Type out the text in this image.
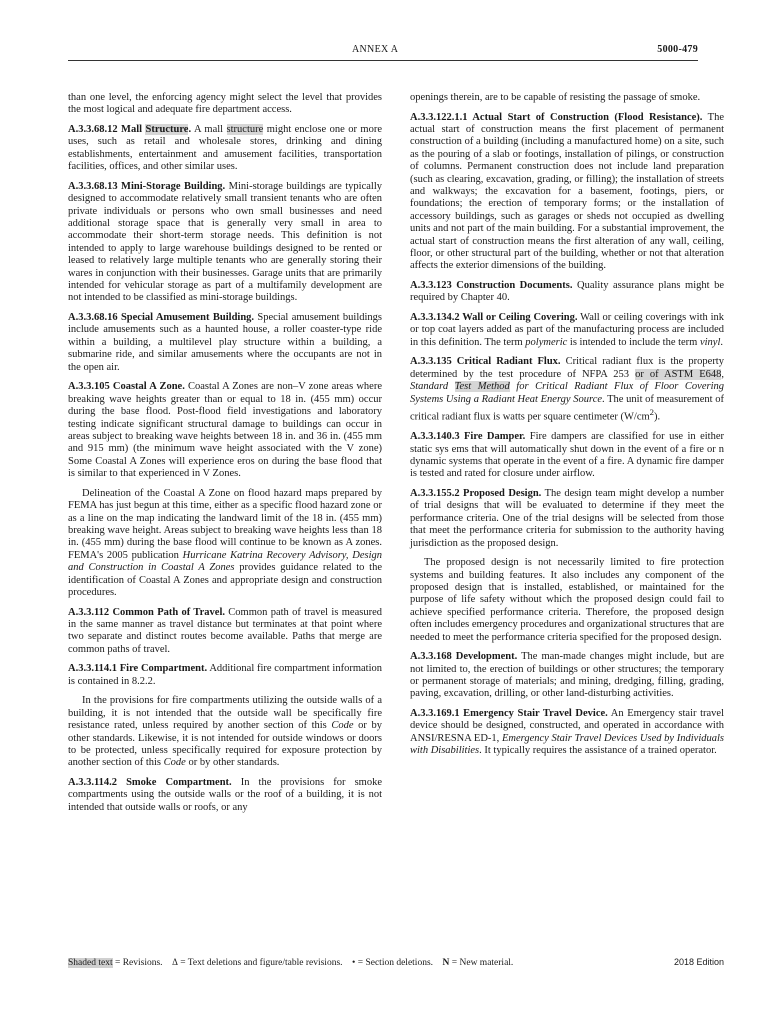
ANNEX A	5000-479

than one level, the enforcing agency might select the level that provides the most logical and adequate fire department access.

A.3.3.68.12 Mall Structure. A mall structure might enclose one or more uses, such as retail and wholesale stores, drinking and dining establishments, entertainment and amusement facilities, transportation facilities, offices, and other similar uses.

A.3.3.68.13 Mini-Storage Building. Mini-storage buildings are typically designed to accommodate relatively small transient tenants who are often private individuals or persons who own small businesses and need additional storage space that is generally very small in area to accommodate their short-term storage needs. This definition is not intended to apply to large warehouse buildings designed to be rented or leased to relatively large multiple tenants who are generally storing their wares in conjunction with their businesses. Garage units that are primarily intended for vehicular storage as part of a multifamily development are not intended to be classified as mini-storage buildings.

A.3.3.68.16 Special Amusement Building. Special amusement buildings include amusements such as a haunted house, a roller coaster-type ride within a building, a multilevel play structure within a building, a submarine ride, and similar amusements where the occupants are not in the open air.

A.3.3.105 Coastal A Zone. Coastal A Zones are non–V zone areas where breaking wave heights greater than or equal to 18 in. (455 mm) occur during the base flood. Post-flood field investigations and laboratory testing indicate significant structural damage to buildings can occur in areas subject to breaking wave heights between 18 in. and 36 in. (455 mm and 915 mm) (the minimum wave height associated with the V zone) Some Coastal A Zones will experience eros on during the base flood that is similar to that experienced in V Zones.

Delineation of the Coastal A Zone on flood hazard maps prepared by FEMA has just begun at this time, either as a specific flood hazard zone or as a line on the map indicating the landward limit of the 18 in. (455 mm) breaking wave height. Areas subject to breaking wave heights less than 18 in. (455 mm) during the base flood will continue to be known as A zones. FEMA's 2005 publication Hurricane Katrina Recovery Advisory, Design and Construction in Coastal A Zones provides guidance related to the identification of Coastal A Zones and appropriate design and construction procedures.

A.3.3.112 Common Path of Travel. Common path of travel is measured in the same manner as travel distance but terminates at that point where two separate and distinct routes become available. Paths that merge are common paths of travel.

A.3.3.114.1 Fire Compartment. Additional fire compartment information is contained in 8.2.2.

In the provisions for fire compartments utilizing the outside walls of a building, it is not intended that the outside wall be specifically fire resistance rated, unless required by another section of this Code or by other standards. Likewise, it is not intended for outside windows or doors to be protected, unless specifically required for exposure protection by another section of this Code or by other standards.

A.3.3.114.2 Smoke Compartment. In the provisions for smoke compartments using the outside walls or the roof of a building, it is not intended that outside walls or roofs, or any

openings therein, are to be capable of resisting the passage of smoke.

A.3.3.122.1.1 Actual Start of Construction (Flood Resistance). The actual start of construction means the first placement of permanent construction of a building (including a manufactured home) on a site, such as the pouring of a slab or footings, installation of pilings, or construction of columns. Permanent construction does not include land preparation (such as clearing, excavation, grading, or filling); the installation of streets and walkways; the excavation for a basement, footings, piers, or foundations; the erection of temporary forms; or the installation of accessory buildings, such as garages or sheds not occupied as dwelling units and not part of the main building. For a substantial improvement, the actual start of construction means the first alteration of any wall, ceiling, floor, or other structural part of the building, whether or not that alteration affects the exterior dimensions of the building.

A.3.3.123 Construction Documents. Quality assurance plans might be required by Chapter 40.

A.3.3.134.2 Wall or Ceiling Covering. Wall or ceiling coverings with ink or top coat layers added as part of the manufacturing process are included in this definition. The term polymeric is intended to include the term vinyl.

A.3.3.135 Critical Radiant Flux. Critical radiant flux is the property determined by the test procedure of NFPA 253 or of ASTM E648, Standard Test Method for Critical Radiant Flux of Floor Covering Systems Using a Radiant Heat Energy Source. The unit of measurement of critical radiant flux is watts per square centimeter $(W/cm^2)$.

A.3.3.140.3 Fire Damper. Fire dampers are classified for use in either static sys ems that will automatically shut down in the event of a fire or n dynamic systems that operate in the event of a fire. A dynamic fire damper is tested and rated for closure under airflow.

A.3.3.155.2 Proposed Design. The design team might develop a number of trial designs that will be evaluated to determine if they meet the performance criteria. One of the trial designs will be selected from those that meet the performance criteria for submission to the authority having jurisdiction as the proposed design.

The proposed design is not necessarily limited to fire protection systems and building features. It also includes any component of the proposed design that is installed, established, or maintained for the purpose of life safety without which the proposed design could fail to achieve specified performance criteria. Therefore, the proposed design often includes emergency procedures and organizational structures that are needed to meet the performance criteria specified for the proposed design.

A.3.3.168 Development. The man-made changes might include, but are not limited to, the erection of buildings or other structures; the temporary or permanent storage of materials; and mining, dredging, filling, grading, paving, excavation, drilling, or other land-disturbing activities.

A.3.3.169.1 Emergency Stair Travel Device. An Emergency stair travel device should be designed, constructed, and operated in accordance with ANSI/RESNA ED-1, Emergency Stair Travel Devices Used by Individuals with Disabilities. It typically requires the assistance of a trained operator.

Shaded text = Revisions. Δ = Text deletions and figure/table revisions. • = Section deletions. N = New material.	2018 Edition
